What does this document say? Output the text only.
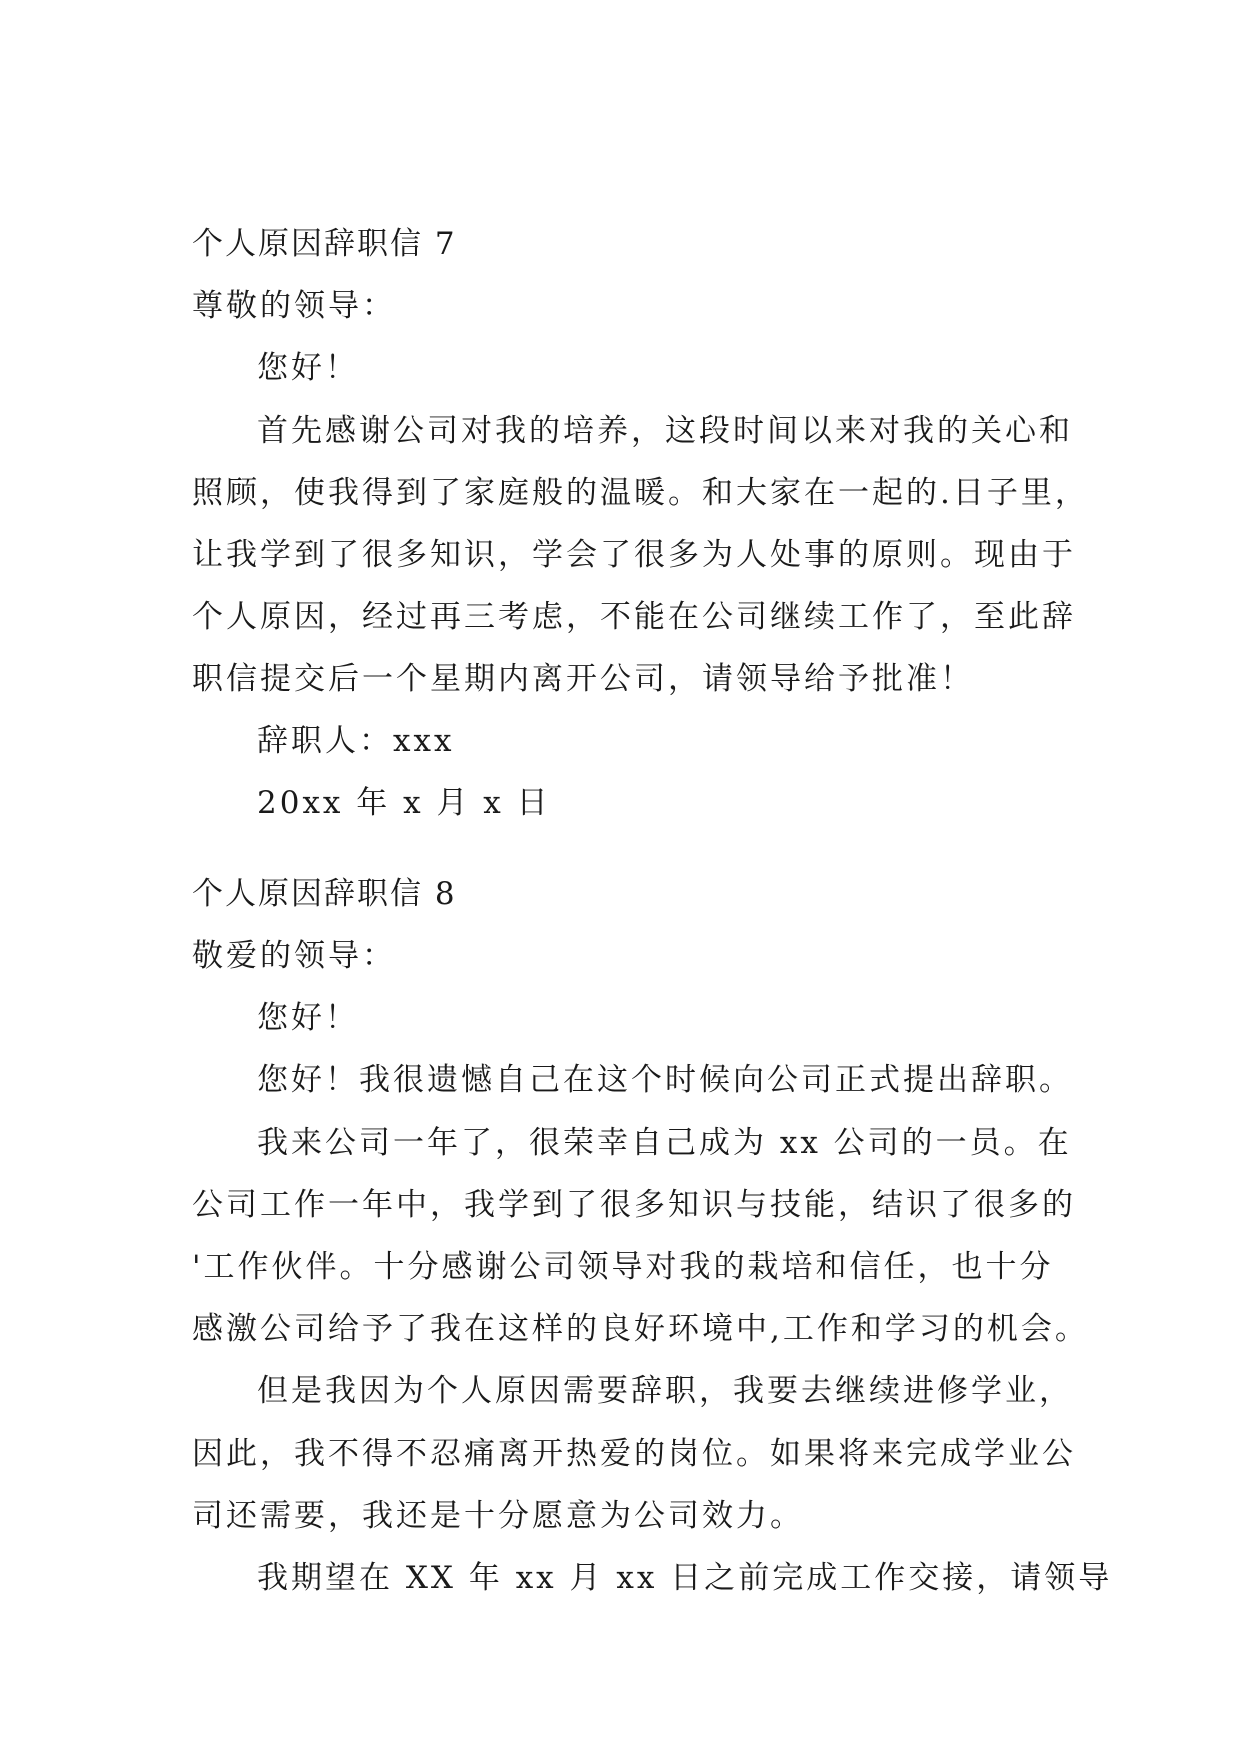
个人原因辞职信 7
尊敬的领导：
您好！
首先感谢公司对我的培养，这段时间以来对我的关心和
照顾，使我得到了家庭般的温暖。和大家在一起的.日子里，
让我学到了很多知识，学会了很多为人处事的原则。现由于
个人原因，经过再三考虑，不能在公司继续工作了，至此辞
职信提交后一个星期内离开公司，请领导给予批准！
辞职人：xxx
20xx 年 x 月 x 日
个人原因辞职信 8
敬爱的领导：
您好！
您好！我很遗憾自己在这个时候向公司正式提出辞职。
我来公司一年了，很荣幸自己成为 xx 公司的一员。在
公司工作一年中，我学到了很多知识与技能，结识了很多的
'工作伙伴。十分感谢公司领导对我的栽培和信任，也十分
感激公司给予了我在这样的良好环境中,工作和学习的机会。
但是我因为个人原因需要辞职，我要去继续进修学业，
因此，我不得不忍痛离开热爱的岗位。如果将来完成学业公
司还需要，我还是十分愿意为公司效力。
我期望在 XX 年 xx 月 xx 日之前完成工作交接，请领导
